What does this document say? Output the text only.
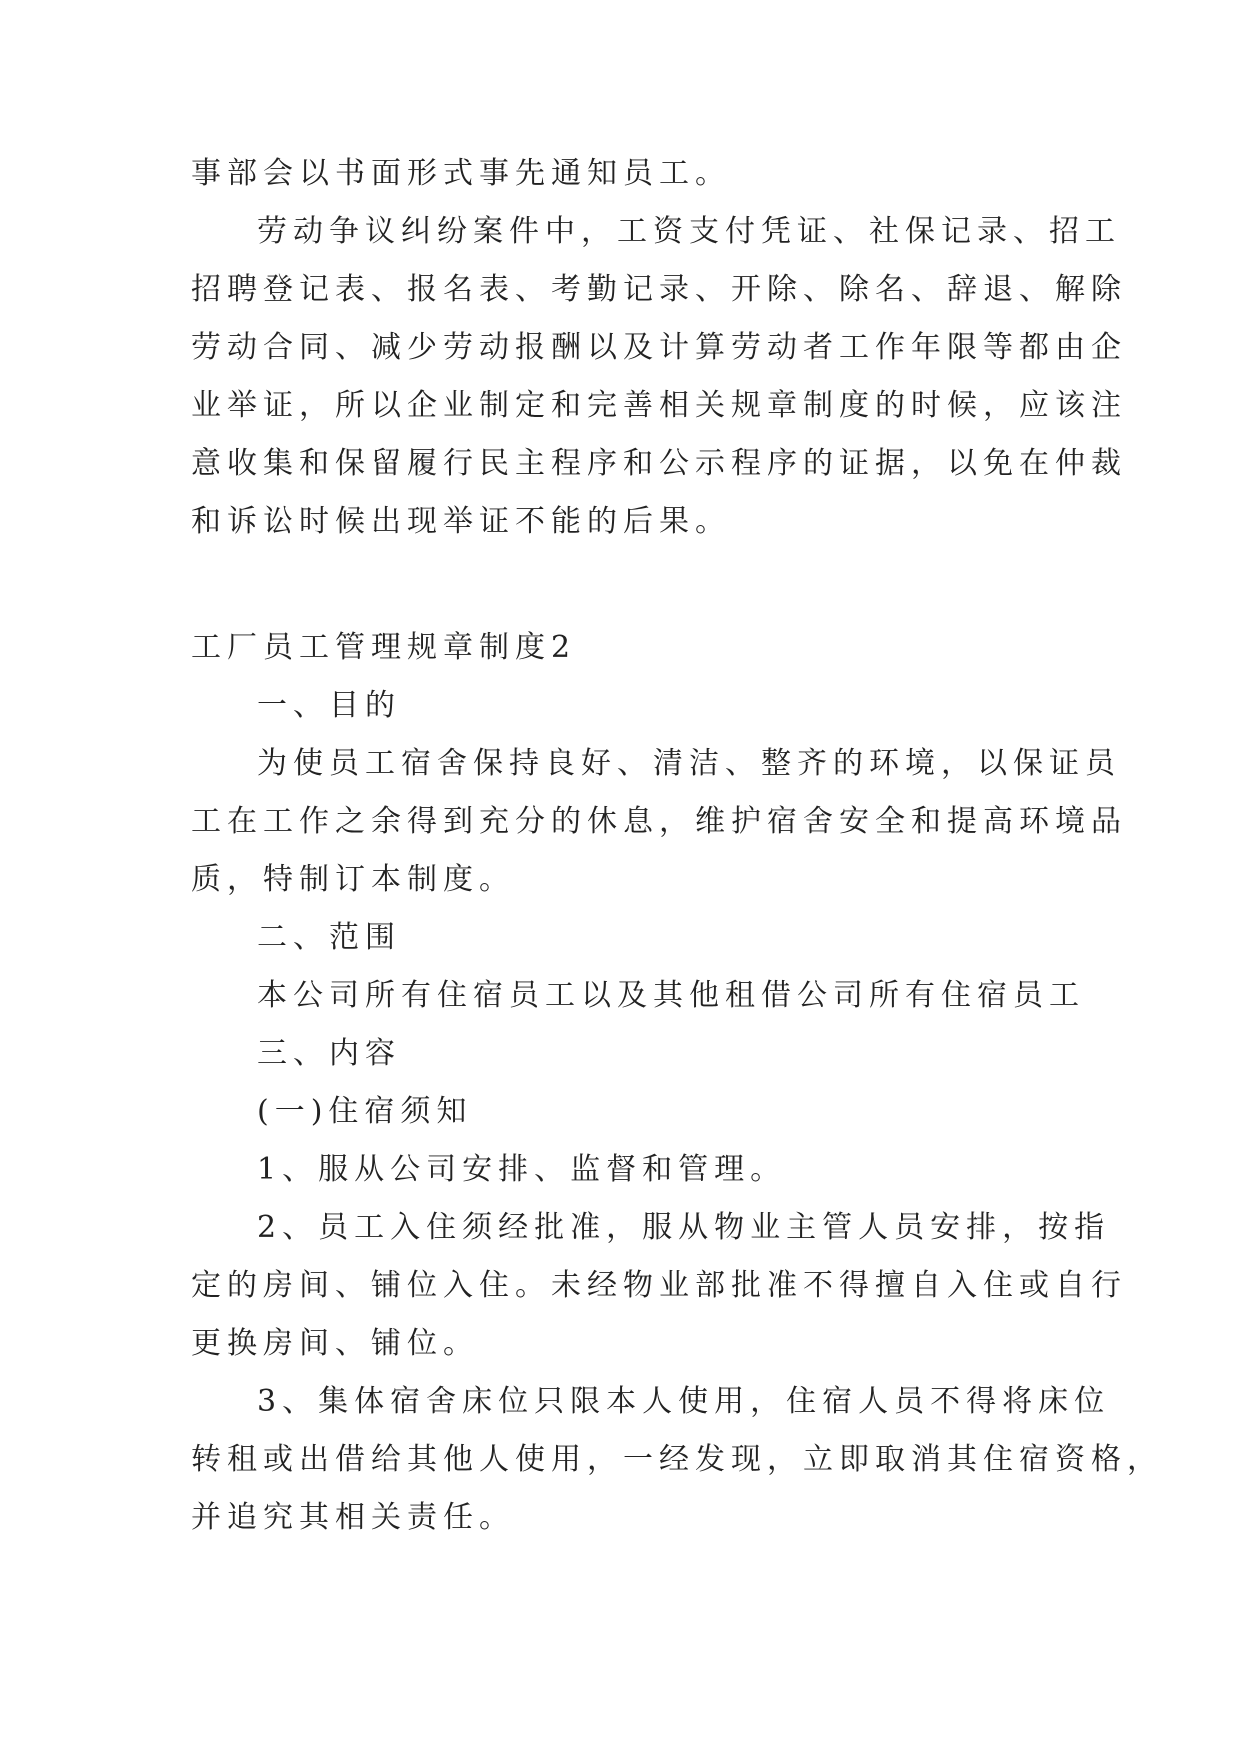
事部会以书面形式事先通知员工。

劳动争议纠纷案件中，工资支付凭证、社保记录、招工

招聘登记表、报名表、考勤记录、开除、除名、辞退、解除

劳动合同、减少劳动报酬以及计算劳动者工作年限等都由企

业举证，所以企业制定和完善相关规章制度的时候，应该注

意收集和保留履行民主程序和公示程序的证据，以免在仲裁

和诉讼时候出现举证不能的后果。

工厂员工管理规章制度2

一、目的

为使员工宿舍保持良好、清洁、整齐的环境，以保证员

工在工作之余得到充分的休息，维护宿舍安全和提高环境品

质，特制订本制度。

二、范围

本公司所有住宿员工以及其他租借公司所有住宿员工

三、内容

(一)住宿须知

1、服从公司安排、监督和管理。

2、员工入住须经批准，服从物业主管人员安排，按指

定的房间、铺位入住。未经物业部批准不得擅自入住或自行

更换房间、铺位。

3、集体宿舍床位只限本人使用，住宿人员不得将床位

转租或出借给其他人使用，一经发现，立即取消其住宿资格，

并追究其相关责任。
